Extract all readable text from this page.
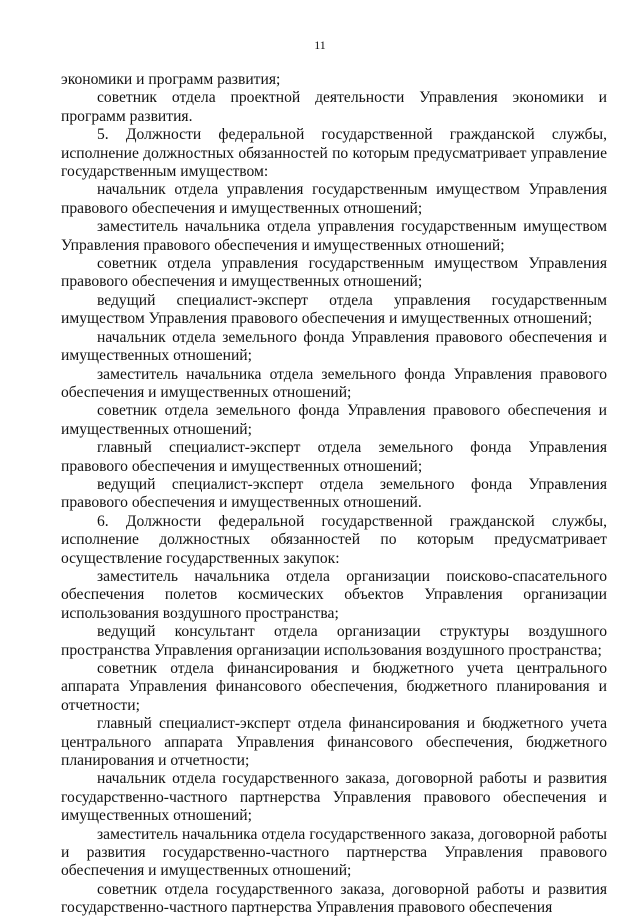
11

экономики и программ развития;

советник отдела проектной деятельности Управления экономики и программ развития.

5. Должности федеральной государственной гражданской службы, исполнение должностных обязанностей по которым предусматривает управление государственным имуществом:

начальник отдела управления государственным имуществом Управления правового обеспечения и имущественных отношений;

заместитель начальника отдела управления государственным имуществом Управления правового обеспечения и имущественных отношений;

советник отдела управления государственным имуществом Управления правового обеспечения и имущественных отношений;

ведущий специалист-эксперт отдела управления государственным имуществом Управления правового обеспечения и имущественных отношений;

начальник отдела земельного фонда Управления правового обеспечения и имущественных отношений;

заместитель начальника отдела земельного фонда Управления правового обеспечения и имущественных отношений;

советник отдела земельного фонда Управления правового обеспечения и имущественных отношений;

главный специалист-эксперт отдела земельного фонда Управления правового обеспечения и имущественных отношений;

ведущий специалист-эксперт отдела земельного фонда Управления правового обеспечения и имущественных отношений.

6. Должности федеральной государственной гражданской службы, исполнение должностных обязанностей по которым предусматривает осуществление государственных закупок:

заместитель начальника отдела организации поисково-спасательного обеспечения полетов космических объектов Управления организации использования воздушного пространства;

ведущий консультант отдела организации структуры воздушного пространства Управления организации использования воздушного пространства;

советник отдела финансирования и бюджетного учета центрального аппарата Управления финансового обеспечения, бюджетного планирования и отчетности;

главный специалист-эксперт отдела финансирования и бюджетного учета центрального аппарата Управления финансового обеспечения, бюджетного планирования и отчетности;

начальник отдела государственного заказа, договорной работы и развития государственно-частного партнерства Управления правового обеспечения и имущественных отношений;

заместитель начальника отдела государственного заказа, договорной работы и развития государственно-частного партнерства Управления правового обеспечения и имущественных отношений;

советник отдела государственного заказа, договорной работы и развития государственно-частного партнерства Управления правового обеспечения
